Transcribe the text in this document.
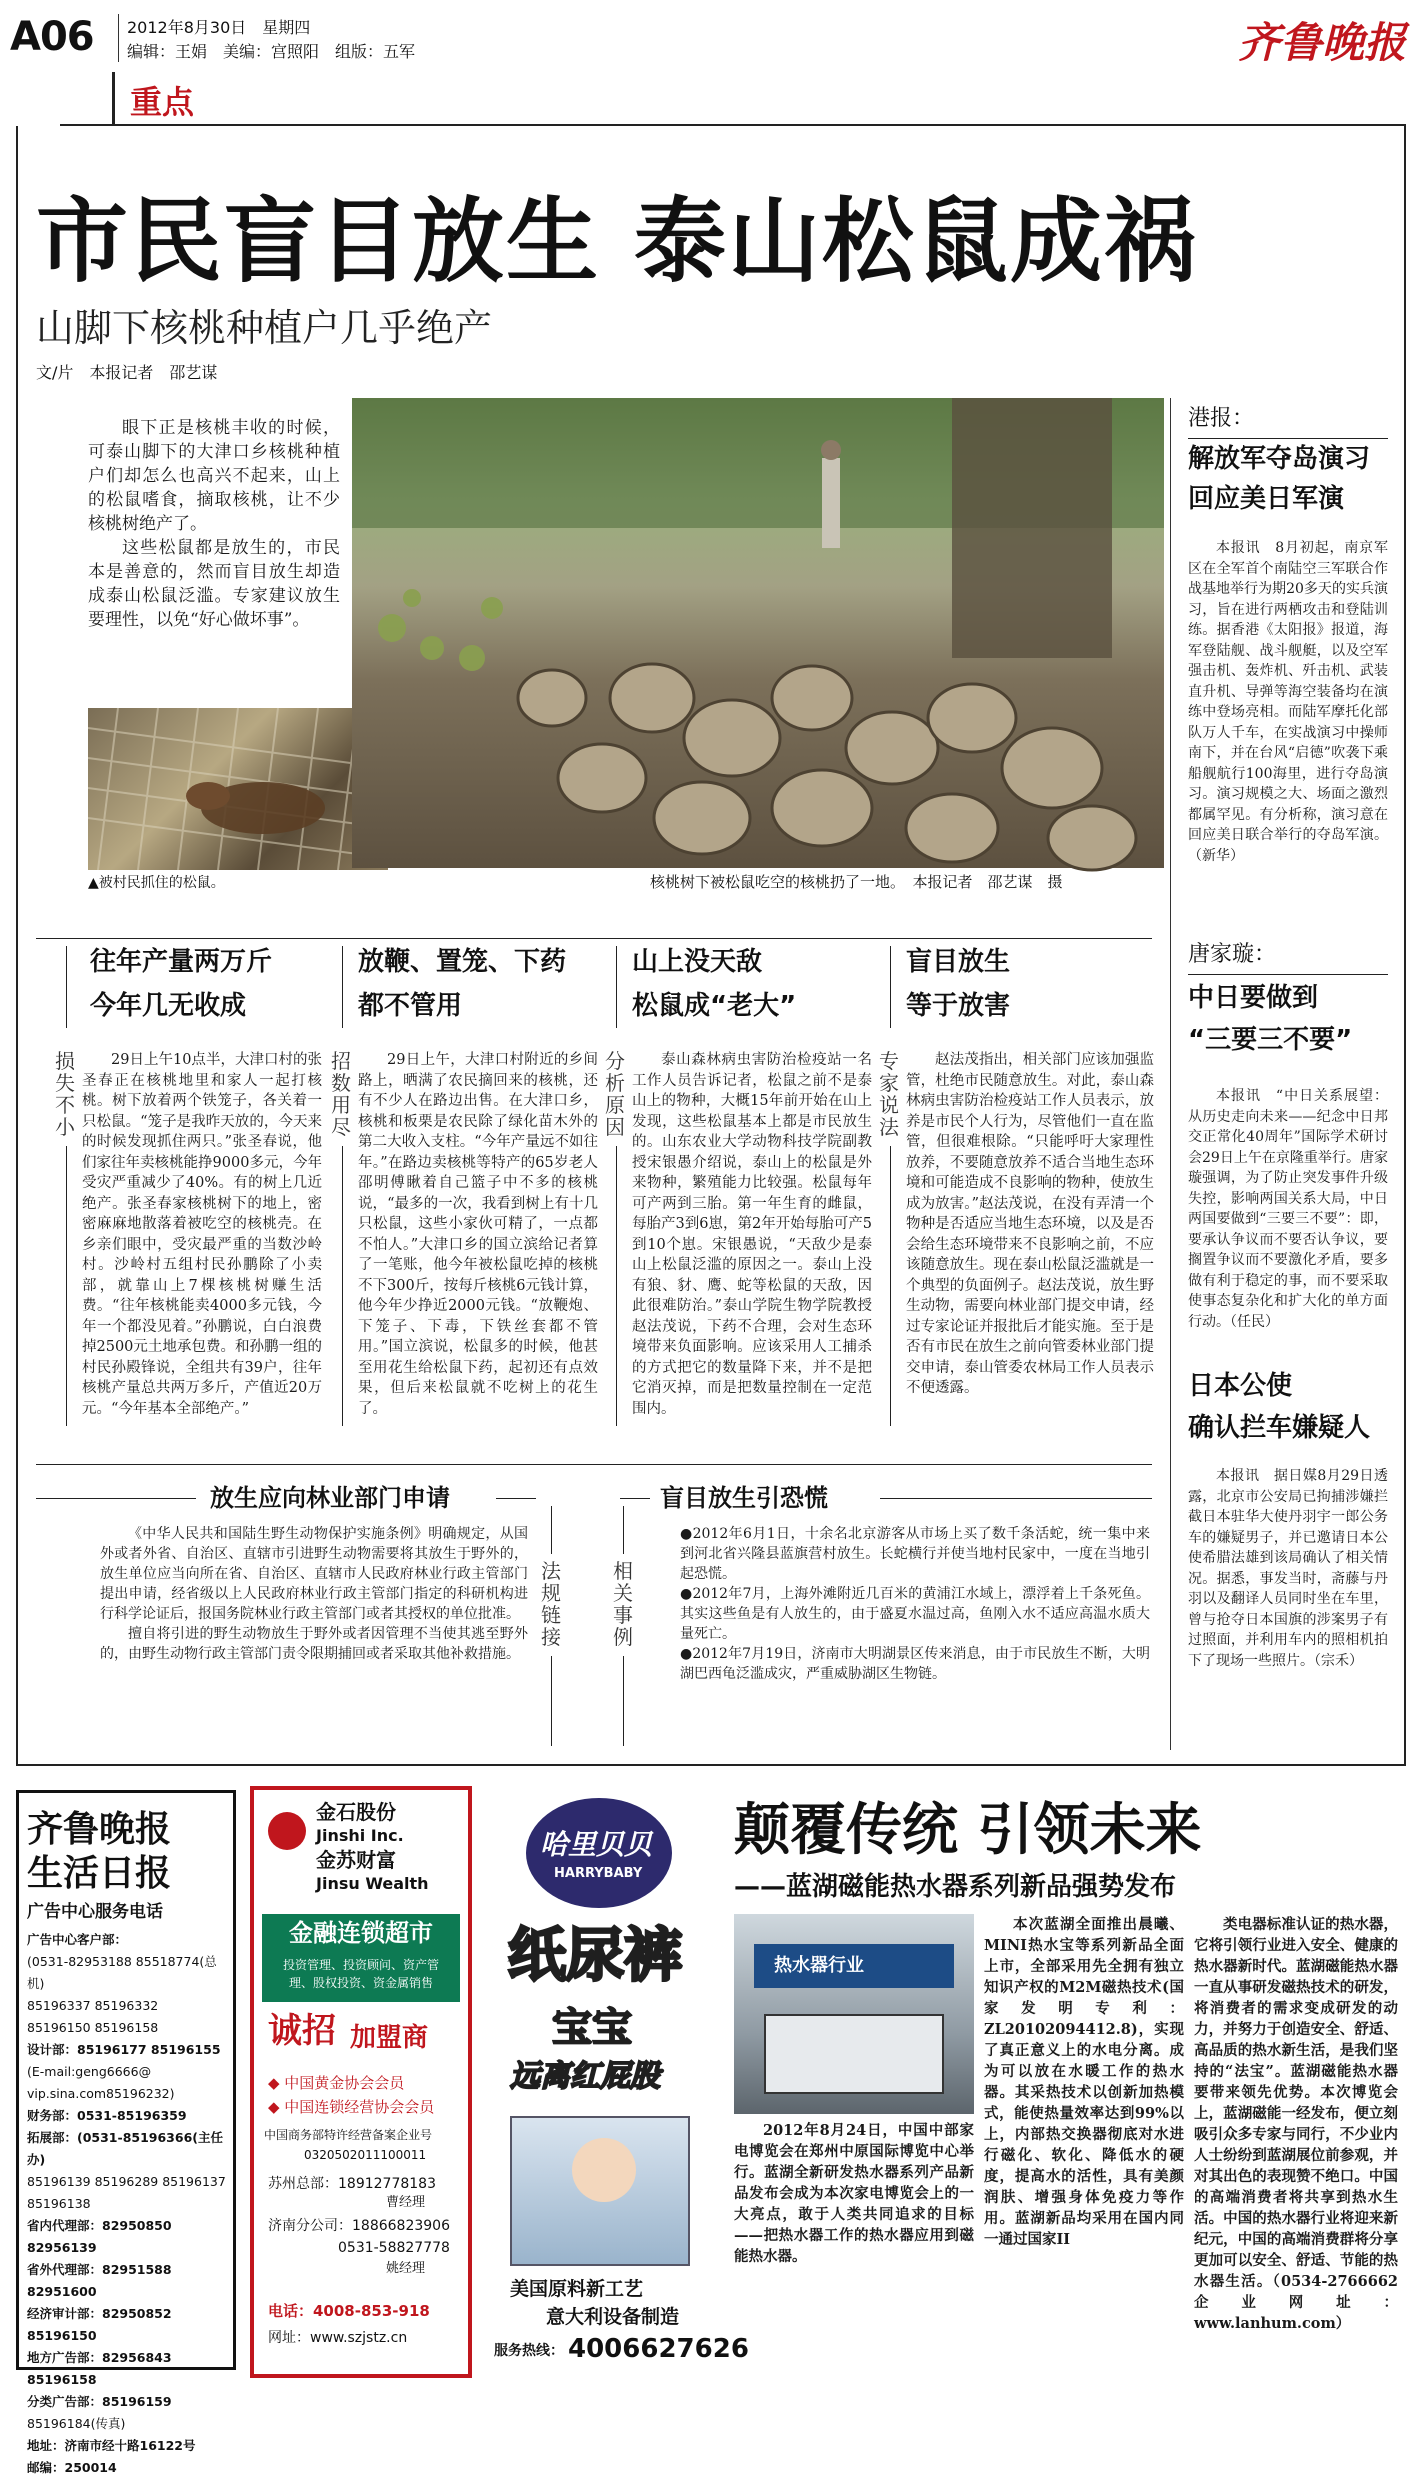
A06 2012年8月30日　 星期四
编辑：王娟　美编：宫照阳　组版：五军
重点
齐鲁晚报
市民盲目放生 泰山松鼠成祸
山脚下核桃种植户几乎绝产
文/片　本报记者　邵艺谋

眼下正是核桃丰收的时候，可泰山脚下的大津口乡核桃种植户们却怎么也高兴不起来，山上的松鼠嗜食，摘取核桃，让不少核桃树绝产了。

这些松鼠都是放生的，市民本是善意的，然而盲目放生却造成泰山松鼠泛滥。专家建议放生要理性，以免“好心做坏事”。

▲被村民抓住的松鼠。	核桃树下被松鼠吃空的核桃扔了一地。　本报记者　邵艺谋　摄
港报：
解放军夺岛演习
回应美日军演

本报讯　8月初起，南京军区在全军首个南陆空三军联合作战基地举行为期20多天的实兵演习，旨在进行两栖攻击和登陆训练。据香港《太阳报》报道，海军登陆舰、战斗舰艇，以及空军强击机、轰炸机、歼击机、武装直升机、导弹等海空装备均在演练中登场亮相。而陆军摩托化部队万人千车，在实战演习中操师南下，并在台风“启德”吹袭下乘船舰航行100海里，进行夺岛演习。演习规模之大、场面之激烈都属罕见。有分析称，演习意在回应美日联合举行的夺岛军演。（新华）

唐家璇：
中日要做到
“三要三不要”

本报讯　“中日关系展望：从历史走向未来——纪念中日邦交正常化40周年”国际学术研讨会29日上午在京隆重举行。唐家璇强调，为了防止突发事件升级失控，影响两国关系大局，中日两国要做到“三要三不要”：即，要承认争议而不要否认争议，要搁置争议而不要激化矛盾，要多做有利于稳定的事，而不要采取使事态复杂化和扩大化的单方面行动。（任民）

日本公使
确认拦车嫌疑人

本报讯　据日媒8月29日透露，北京市公安局已拘捕涉嫌拦截日本驻华大使丹羽宇一郎公务车的嫌疑男子，并已邀请日本公使希腊法雄到该局确认了相关情况。据悉，事发当时，斋藤与丹羽以及翻译人员同时坐在车里，曾与抢夺日本国旗的涉案男子有过照面，并利用车内的照相机拍下了现场一些照片。（宗禾）

损失不小
往年产量两万斤
今年几无收成

29日上午10点半，大津口村的张圣春正在核桃地里和家人一起打核桃。树下放着两个铁笼子，各关着一只松鼠。“笼子是我昨天放的，今天来的时候发现抓住两只。”张圣春说，他们家往年卖核桃能挣9000多元，今年受灾严重减少了40%。有的树上几近绝产。张圣春家核桃树下的地上，密密麻麻地散落着被吃空的核桃壳。在乡亲们眼中，受灾最严重的当数沙岭村。沙岭村五组村民孙鹏除了小卖部，就靠山上7棵核桃树赚生活费。“往年核桃能卖4000多元钱，今年一个都没见着。”孙鹏说，白白浪费掉2500元土地承包费。和孙鹏一组的村民孙殿锋说，全组共有39户，往年核桃产量总共两万多斤，产值近20万元。“今年基本全部绝产。”

招数用尽
放鞭、置笼、下药
都不管用

29日上午，大津口村附近的乡间路上，晒满了农民摘回来的核桃，还有不少人在路边出售。在大津口乡，核桃和板栗是农民除了绿化苗木外的第二大收入支柱。“今年产量远不如往年。”在路边卖核桃等特产的65岁老人邵明傅瞅着自己篮子中不多的核桃说，“最多的一次，我看到树上有十几只松鼠，这些小家伙可精了，一点都不怕人。”大津口乡的国立滨给记者算了一笔账，他今年被松鼠吃掉的核桃不下300斤，按每斤核桃6元钱计算，他今年少挣近2000元钱。“放鞭炮、下笼子、下毒，下铁丝套都不管用。”国立滨说，松鼠多的时候，他甚至用花生给松鼠下药，起初还有点效果，但后来松鼠就不吃树上的花生了。

分析原因
山上没天敌
松鼠成“老大”

泰山森林病虫害防治检疫站一名工作人员告诉记者，松鼠之前不是泰山上的物种，大概15年前开始在山上发现，这些松鼠基本上都是市民放生的。山东农业大学动物科技学院副教授宋银愚介绍说，泰山上的松鼠是外来物种，繁殖能力比较强。松鼠每年可产两到三胎。第一年生育的雌鼠，每胎产3到6崽，第2年开始每胎可产5到10个崽。宋银愚说，“天敌少是泰山上松鼠泛滥的原因之一。泰山上没有狼、豺、鹰、蛇等松鼠的天敌，因此很难防治。”泰山学院生物学院教授赵法茂说，下药不合理，会对生态环境带来负面影响。应该采用人工捕杀的方式把它的数量降下来，并不是把它消灭掉，而是把数量控制在一定范围内。

专家说法
盲目放生
等于放害

赵法茂指出，相关部门应该加强监管，杜绝市民随意放生。对此，泰山森林病虫害防治检疫站工作人员表示，放养是市民个人行为，尽管他们一直在监管，但很难根除。“只能呼吁大家理性放养，不要随意放养不适合当地生态环境和可能造成不良影响的物种，使放生成为放害。”赵法茂说，在没有弄清一个物种是否适应当地生态环境，以及是否会给生态环境带来不良影响之前，不应该随意放生。现在泰山松鼠泛滥就是一个典型的负面例子。赵法茂说，放生野生动物，需要向林业部门提交申请，经过专家论证并报批后才能实施。至于是否有市民在放生之前向管委林业部门提交申请，泰山管委农林局工作人员表示不便透露。

放生应向林业部门申请

《中华人民共和国陆生野生动物保护实施条例》明确规定，从国外或者外省、自治区、直辖市引进野生动物需要将其放生于野外的，放生单位应当向所在省、自治区、直辖市人民政府林业行政主管部门提出申请，经省级以上人民政府林业行政主管部门指定的科研机构进行科学论证后，报国务院林业行政主管部门或者其授权的单位批准。

擅自将引进的野生动物放生于野外或者因管理不当使其逃至野外的，由野生动物行政主管部门责令限期捕回或者采取其他补救措施。

法规链接
相关事例
盲目放生引恐慌

●2012年6月1日，十余名北京游客从市场上买了数千条活蛇，统一集中来到河北省兴隆县蓝旗营村放生。长蛇横行并使当地村民家中，一度在当地引起恐慌。

●2012年7月，上海外滩附近几百米的黄浦江水域上，漂浮着上千条死鱼。其实这些鱼是有人放生的，由于盛夏水温过高，鱼刚入水不适应高温水质大量死亡。

●2012年7月19日，济南市大明湖景区传来消息，由于市民放生不断，大明湖巴西龟泛滥成灾，严重威胁湖区生物链。

齐鲁晚报
生活日报
广告中心服务电话
广告中心客户部：
(0531-82953188 85518774(总机)
85196337 85196332
85196150 85196158
设计部：85196177 85196155
(E-mail:geng6666@
vip.sina.com85196232)
财务部：0531-85196359
拓展部：(0531-85196366(主任办)
85196139 85196289 85196137
85196138
省内代理部：82950850 82956139
省外代理部：82951588 82951600
经济审计部：82950852 85196150
地方广告部：82956843 85196158
分类广告部：85196159
85196184(传真)
地址：济南市经十路16122号
邮编：250014
金石股份
Jinshi Inc.
金苏财富
Jinsu Wealth
金融连锁超市
投资管理、投资顾问、资产管理、股权投资、资金属销售
诚招 加盟商
◆ 中国黄金协会会员
◆ 中国连锁经营协会会员
中国商务部特许经营备案企业号
0320502011100011
苏州总部：18912778183
曹经理
济南分公司：18866823906
0531-58827778
姚经理
电话：4008-853-918
网址：www.szjstz.cn
哈里贝贝
HARRYBABY
纸尿裤
宝宝
远离红屁股
美国原料新工艺
意大利设备制造
服务热线： 4006627626
颠覆传统 引领未来
——蓝湖磁能热水器系列新品强势发布
热水器行业

2012年8月24日，中国中部家电博览会在郑州中原国际博览中心举行。蓝湖全新研发热水器系列产品新品发布会成为本次家电博览会上的一大亮点，敢于人类共同追求的目标——把热水器工作的热水器应用到磁能热水器。

本次蓝湖全面推出晨曦、MINI热水宝等系列新品全面上市，全部采用先全拥有独立知识产权的M2M磁热技术(国家发明专利：ZL20102094412.8)，实现了真正意义上的水电分离。成为可以放在水暖工作的热水器。其采热技术以创新加热模式，能使热量效率达到99%以上，内部热交换器彻底对水进行磁化、软化、降低水的硬度，提高水的活性，具有美颜润肤、增强身体免疫力等作用。蓝湖新品均采用在国内同一通过国家II

类电器标准认证的热水器，它将引领行业进入安全、健康的热水器新时代。蓝湖磁能热水器一直从事研发磁热技术的研发，将消费者的需求变成研发的动力，并努力于创造安全、舒适、高品质的热水新生活，是我们坚持的“法宝”。蓝湖磁能热水器要带来领先优势。本次博览会上，蓝湖磁能一经发布，便立刻吸引众多专家与同行，不少业内人士纷纷到蓝湖展位前参观，并对其出色的表现赞不绝口。中国的高端消费者将共享到热水生活。中国的热水器行业将迎来新纪元，中国的高端消费群将分享更加可以安全、舒适、节能的热水器生活。（0534-2766662 企业网址：www.lanhum.com）
